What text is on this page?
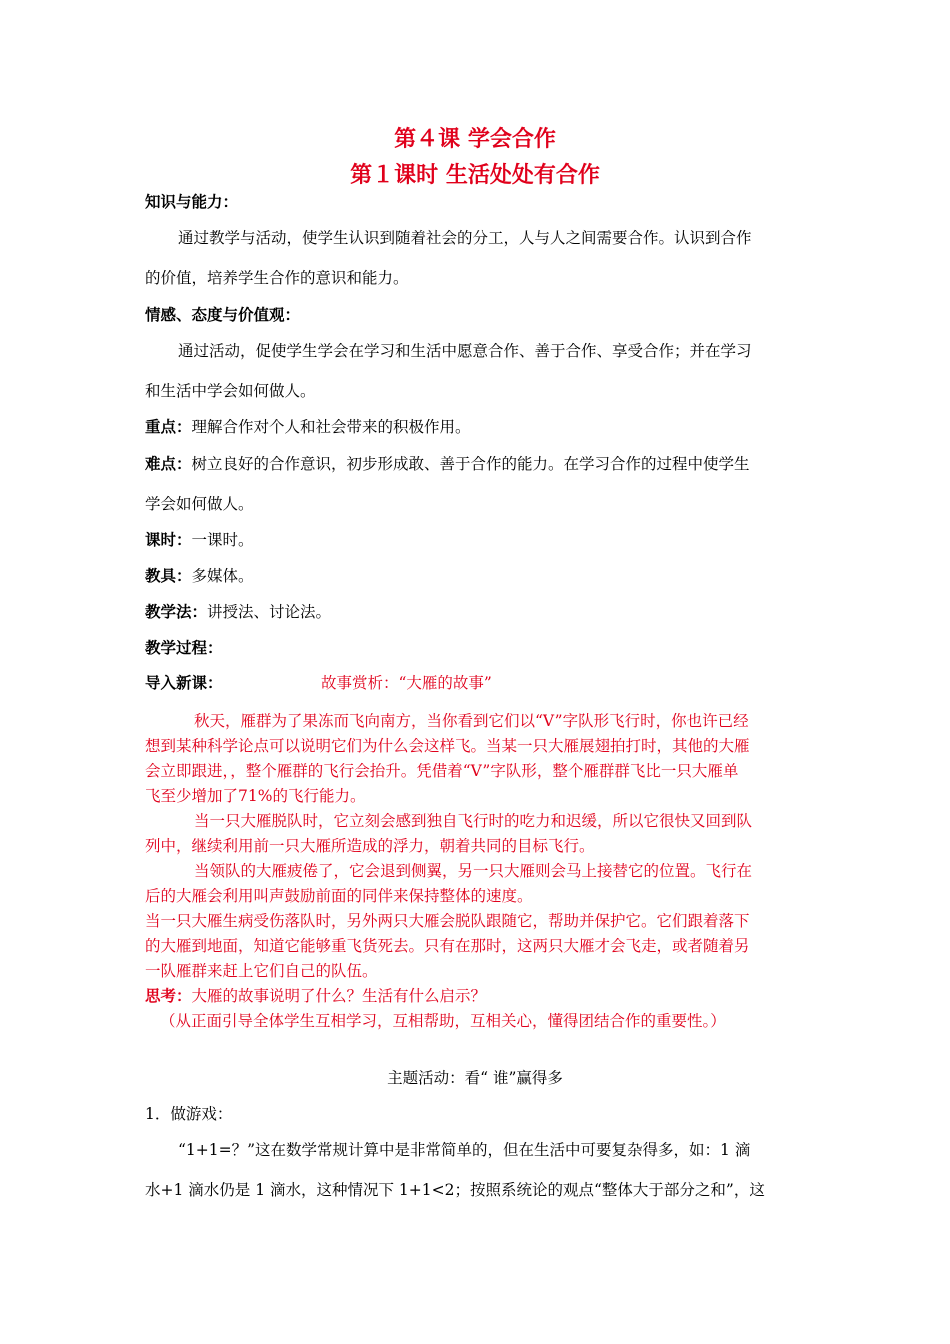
第４课 学会合作
第１课时 生活处处有合作
知识与能力：
通过教学与活动，使学生认识到随着社会的分工，人与人之间需要合作。认识到合作
的价值，培养学生合作的意识和能力。
情感、态度与价值观：
通过活动，促使学生学会在学习和生活中愿意合作、善于合作、享受合作；并在学习
和生活中学会如何做人。
重点：理解合作对个人和社会带来的积极作用。
难点：树立良好的合作意识，初步形成敢、善于合作的能力。在学习合作的过程中使学生
学会如何做人。
课时：一课时。
教具：多媒体。
教学法：讲授法、讨论法。
教学过程：
导入新课：	故事赏析：“大雁的故事”
秋天，雁群为了果冻而飞向南方，当你看到它们以“V”字队形飞行时，你也许已经
想到某种科学论点可以说明它们为什么会这样飞。当某一只大雁展翅拍打时，其他的大雁
会立即跟进，，整个雁群的飞行会抬升。凭借着“V”字队形，整个雁群群飞比一只大雁单
飞至少增加了71%的飞行能力。
当一只大雁脱队时，它立刻会感到独自飞行时的吃力和迟缓，所以它很快又回到队
列中，继续利用前一只大雁所造成的浮力，朝着共同的目标飞行。
当领队的大雁疲倦了，它会退到侧翼，另一只大雁则会马上接替它的位置。飞行在
后的大雁会利用叫声鼓励前面的同伴来保持整体的速度。
当一只大雁生病受伤落队时，另外两只大雁会脱队跟随它，帮助并保护它。它们跟着落下
的大雁到地面，知道它能够重飞货死去。只有在那时，这两只大雁才会飞走，或者随着另
一队雁群来赶上它们自己的队伍。
思考：大雁的故事说明了什么？生活有什么启示？
（从正面引导全体学生互相学习，互相帮助，互相关心，懂得团结合作的重要性。）
主题活动：看“ 谁”赢得多
1．做游戏：
“1+1=？”这在数学常规计算中是非常简单的，但在生活中可要复杂得多，如：1 滴
水+1 滴水仍是 1 滴水，这种情况下 1+1<2；按照系统论的观点“整体大于部分之和”，这
